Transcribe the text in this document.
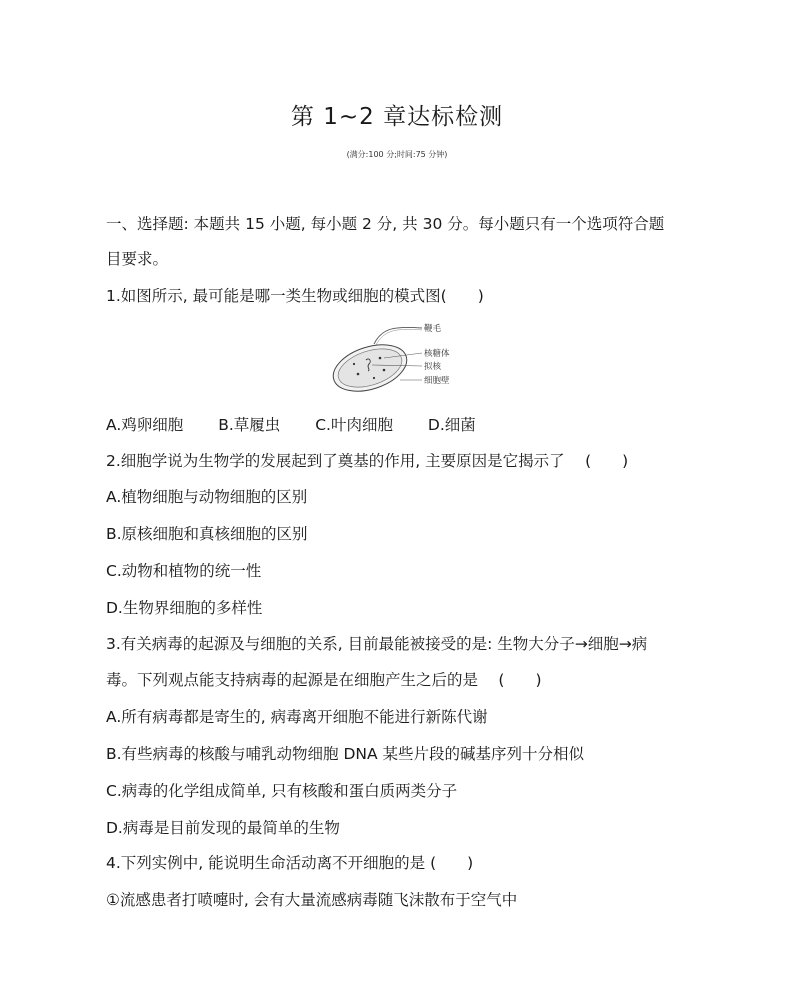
第 1~2 章达标检测
(满分:100 分;时间:75 分钟)
一、选择题: 本题共 15 小题, 每小题 2 分, 共 30 分。每小题只有一个选项符合题
目要求。
1.如图所示, 最可能是哪一类生物或细胞的模式图(　　)
鞭毛
核糖体
拟核
细胞壁
A.鸡卵细胞 B.草履虫 C.叶肉细胞 D.细菌
2.细胞学说为生物学的发展起到了奠基的作用, 主要原因是它揭示了　 (　　)
A.植物细胞与动物细胞的区别
B.原核细胞和真核细胞的区别
C.动物和植物的统一性
D.生物界细胞的多样性
3.有关病毒的起源及与细胞的关系, 目前最能被接受的是: 生物大分子→细胞→病
毒。下列观点能支持病毒的起源是在细胞产生之后的是　 (　　)
A.所有病毒都是寄生的, 病毒离开细胞不能进行新陈代谢
B.有些病毒的核酸与哺乳动物细胞 DNA 某些片段的碱基序列十分相似
C.病毒的化学组成简单, 只有核酸和蛋白质两类分子
D.病毒是目前发现的最简单的生物
4.下列实例中, 能说明生命活动离不开细胞的是 (　　)
①流感患者打喷嚏时, 会有大量流感病毒随飞沫散布于空气中
